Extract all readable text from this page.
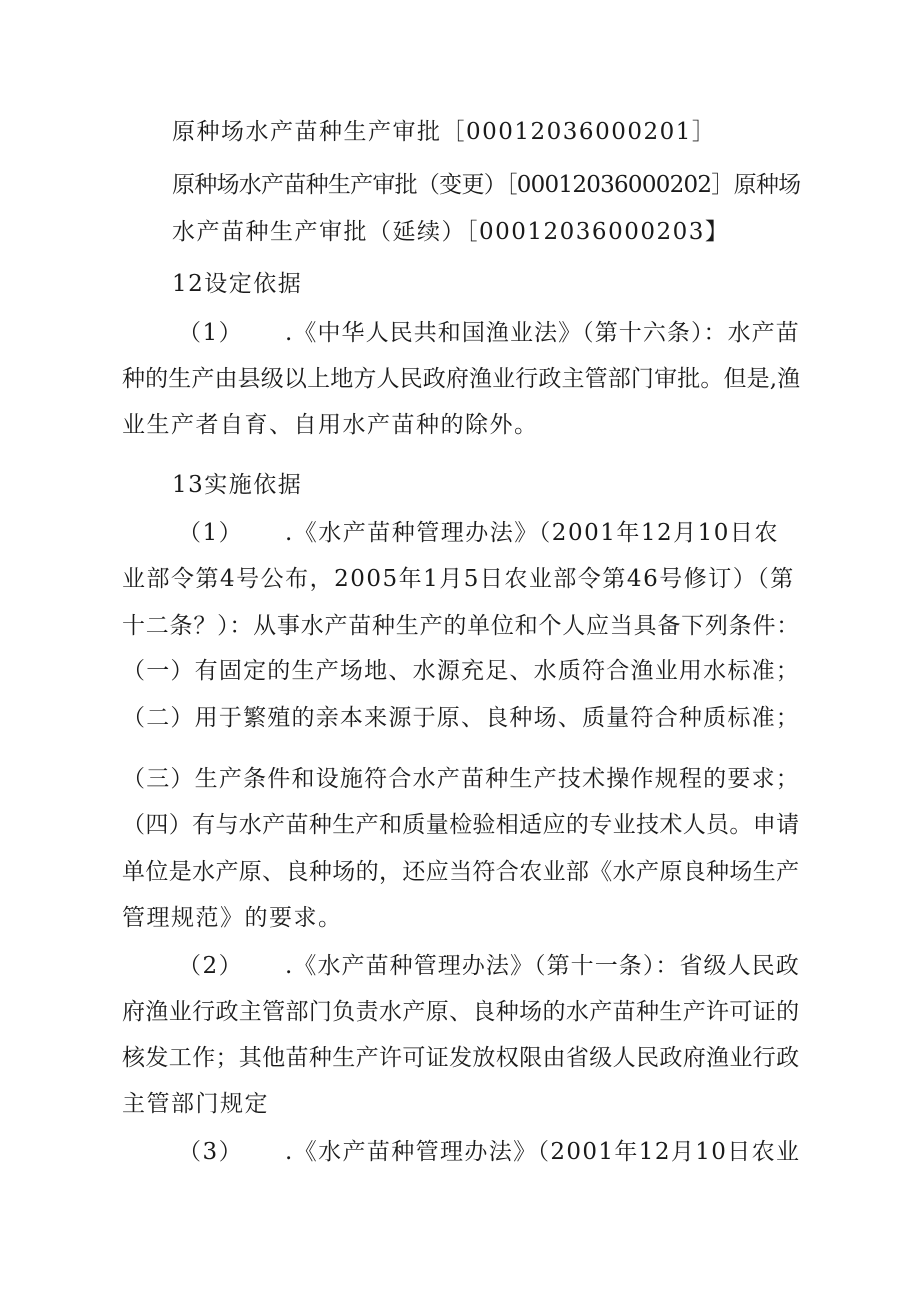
原种场水产苗种生产审批［00012036000201］
原种场水产苗种生产审批（变更）［00012036000202］原种场
水产苗种生产审批（延续）［00012036000203】
12设定依据
（1） .《中华人民共和国渔业法》（第十六条）：水产苗
种的生产由县级以上地方人民政府渔业行政主管部门审批。但是,渔
业生产者自育、自用水产苗种的除外。
13实施依据
（1） .《水产苗种管理办法》（2001年12月10日农
业部令第4号公布，2005年1月5日农业部令第46号修订）（第
十二条？）：从事水产苗种生产的单位和个人应当具备下列条件：
（一）有固定的生产场地、水源充足、水质符合渔业用水标准；
（二）用于繁殖的亲本来源于原、良种场、质量符合种质标准；
（三）生产条件和设施符合水产苗种生产技术操作规程的要求；
（四）有与水产苗种生产和质量检验相适应的专业技术人员。申请
单位是水产原、良种场的，还应当符合农业部《水产原良种场生产
管理规范》的要求。
（2） .《水产苗种管理办法》（第十一条）：省级人民政
府渔业行政主管部门负责水产原、良种场的水产苗种生产许可证的
核发工作；其他苗种生产许可证发放权限由省级人民政府渔业行政
主管部门规定
（3） .《水产苗种管理办法》（2001年12月10日农业
